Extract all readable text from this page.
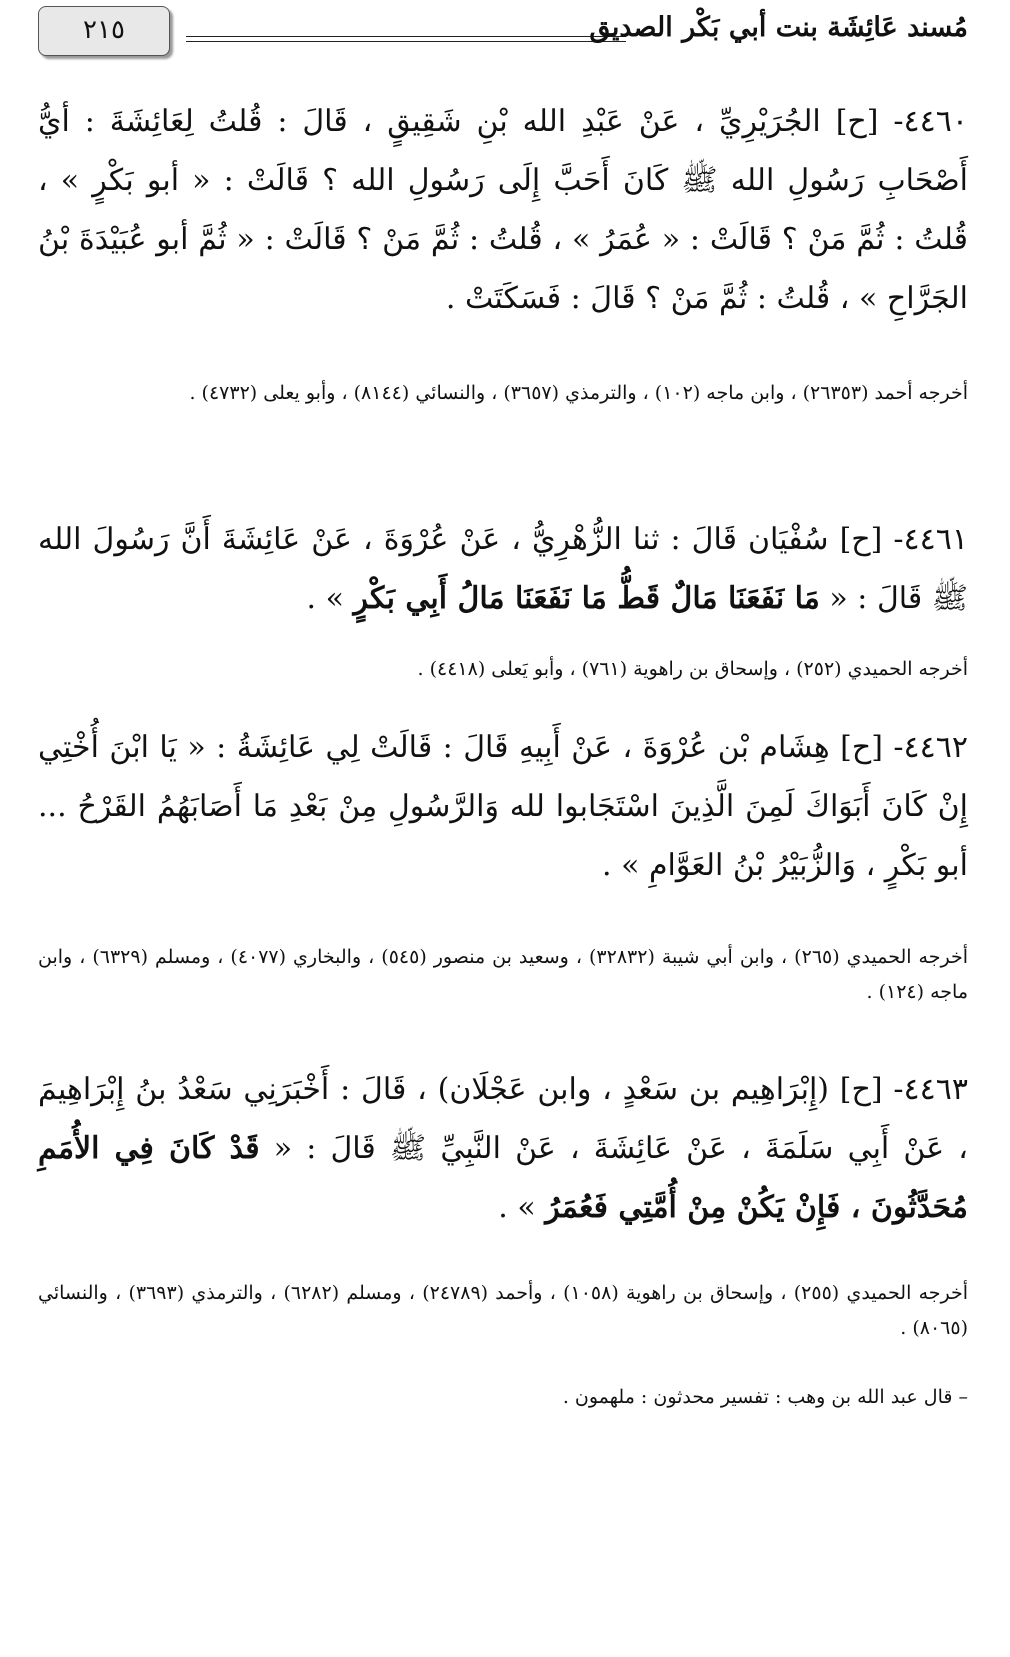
٢١٥	مُسند عَائِشَة بنت أبي بَكْر الصديق
٤٤٦٠- [ح] الجُرَيْرِيِّ ، عَنْ عَبْدِ الله بْنِ شَقِيقٍ ، قَالَ : قُلتُ لِعَائِشَةَ : أيُّ أَصْحَابِ رَسُولِ الله ﷺ كَانَ أَحَبَّ إِلَى رَسُولِ الله ؟ قَالَتْ : « أبو بَكْرٍ » ، قُلتُ : ثُمَّ مَنْ ؟ قَالَتْ : « عُمَرُ » ، قُلتُ : ثُمَّ مَنْ ؟ قَالَتْ : « ثُمَّ أبو عُبَيْدَةَ بْنُ الجَرَّاحِ » ، قُلتُ : ثُمَّ مَنْ ؟ قَالَ : فَسَكَتَتْ .
أخرجه أحمد (٢٦٣٥٣) ، وابن ماجه (١٠٢) ، والترمذي (٣٦٥٧) ، والنسائي (٨١٤٤) ، وأبو يعلى (٤٧٣٢) .
٤٤٦١- [ح] سُفْيَان قَالَ : ثنا الزُّهْرِيُّ ، عَنْ عُرْوَةَ ، عَنْ عَائِشَةَ أَنَّ رَسُولَ الله ﷺ قَالَ : « مَا نَفَعَنَا مَالٌ قَطُّ مَا نَفَعَنَا مَالُ أَبِي بَكْرٍ » .
أخرجه الحميدي (٢٥٢) ، وإسحاق بن راهوية (٧٦١) ، وأبو يَعلى (٤٤١٨) .
٤٤٦٢- [ح] هِشَام بْن عُرْوَةَ ، عَنْ أَبِيهِ قَالَ : قَالَتْ لِي عَائِشَةُ : « يَا ابْنَ أُخْتِي إِنْ كَانَ أَبَوَاكَ لَمِنَ الَّذِينَ اسْتَجَابوا لله وَالرَّسُولِ مِنْ بَعْدِ مَا أَصَابَهُمُ القَرْحُ ... أبو بَكْرٍ ، وَالزُّبَيْرُ بْنُ العَوَّامِ » .
أخرجه الحميدي (٢٦٥) ، وابن أبي شيبة (٣٢٨٣٢) ، وسعيد بن منصور (٥٤٥) ، والبخاري (٤٠٧٧) ، ومسلم (٦٣٢٩) ، وابن ماجه (١٢٤) .
٤٤٦٣- [ح] (إِبْرَاهِيم بن سَعْدٍ ، وابن عَجْلَان) ، قَالَ : أَخْبَرَنِي سَعْدُ بنُ إِبْرَاهِيمَ ، عَنْ أَبِي سَلَمَةَ ، عَنْ عَائِشَةَ ، عَنْ النَّبِيِّ ﷺ قَالَ : « قَدْ كَانَ فِي الأُمَمِ مُحَدَّثُونَ ، فَإِنْ يَكُنْ مِنْ أُمَّتِي فَعُمَرُ » .
أخرجه الحميدي (٢٥٥) ، وإسحاق بن راهوية (١٠٥٨) ، وأحمد (٢٤٧٨٩) ، ومسلم (٦٢٨٢) ، والترمذي (٣٦٩٣) ، والنسائي (٨٠٦٥) .
– قال عبد الله بن وهب : تفسير محدثون : ملهمون .
